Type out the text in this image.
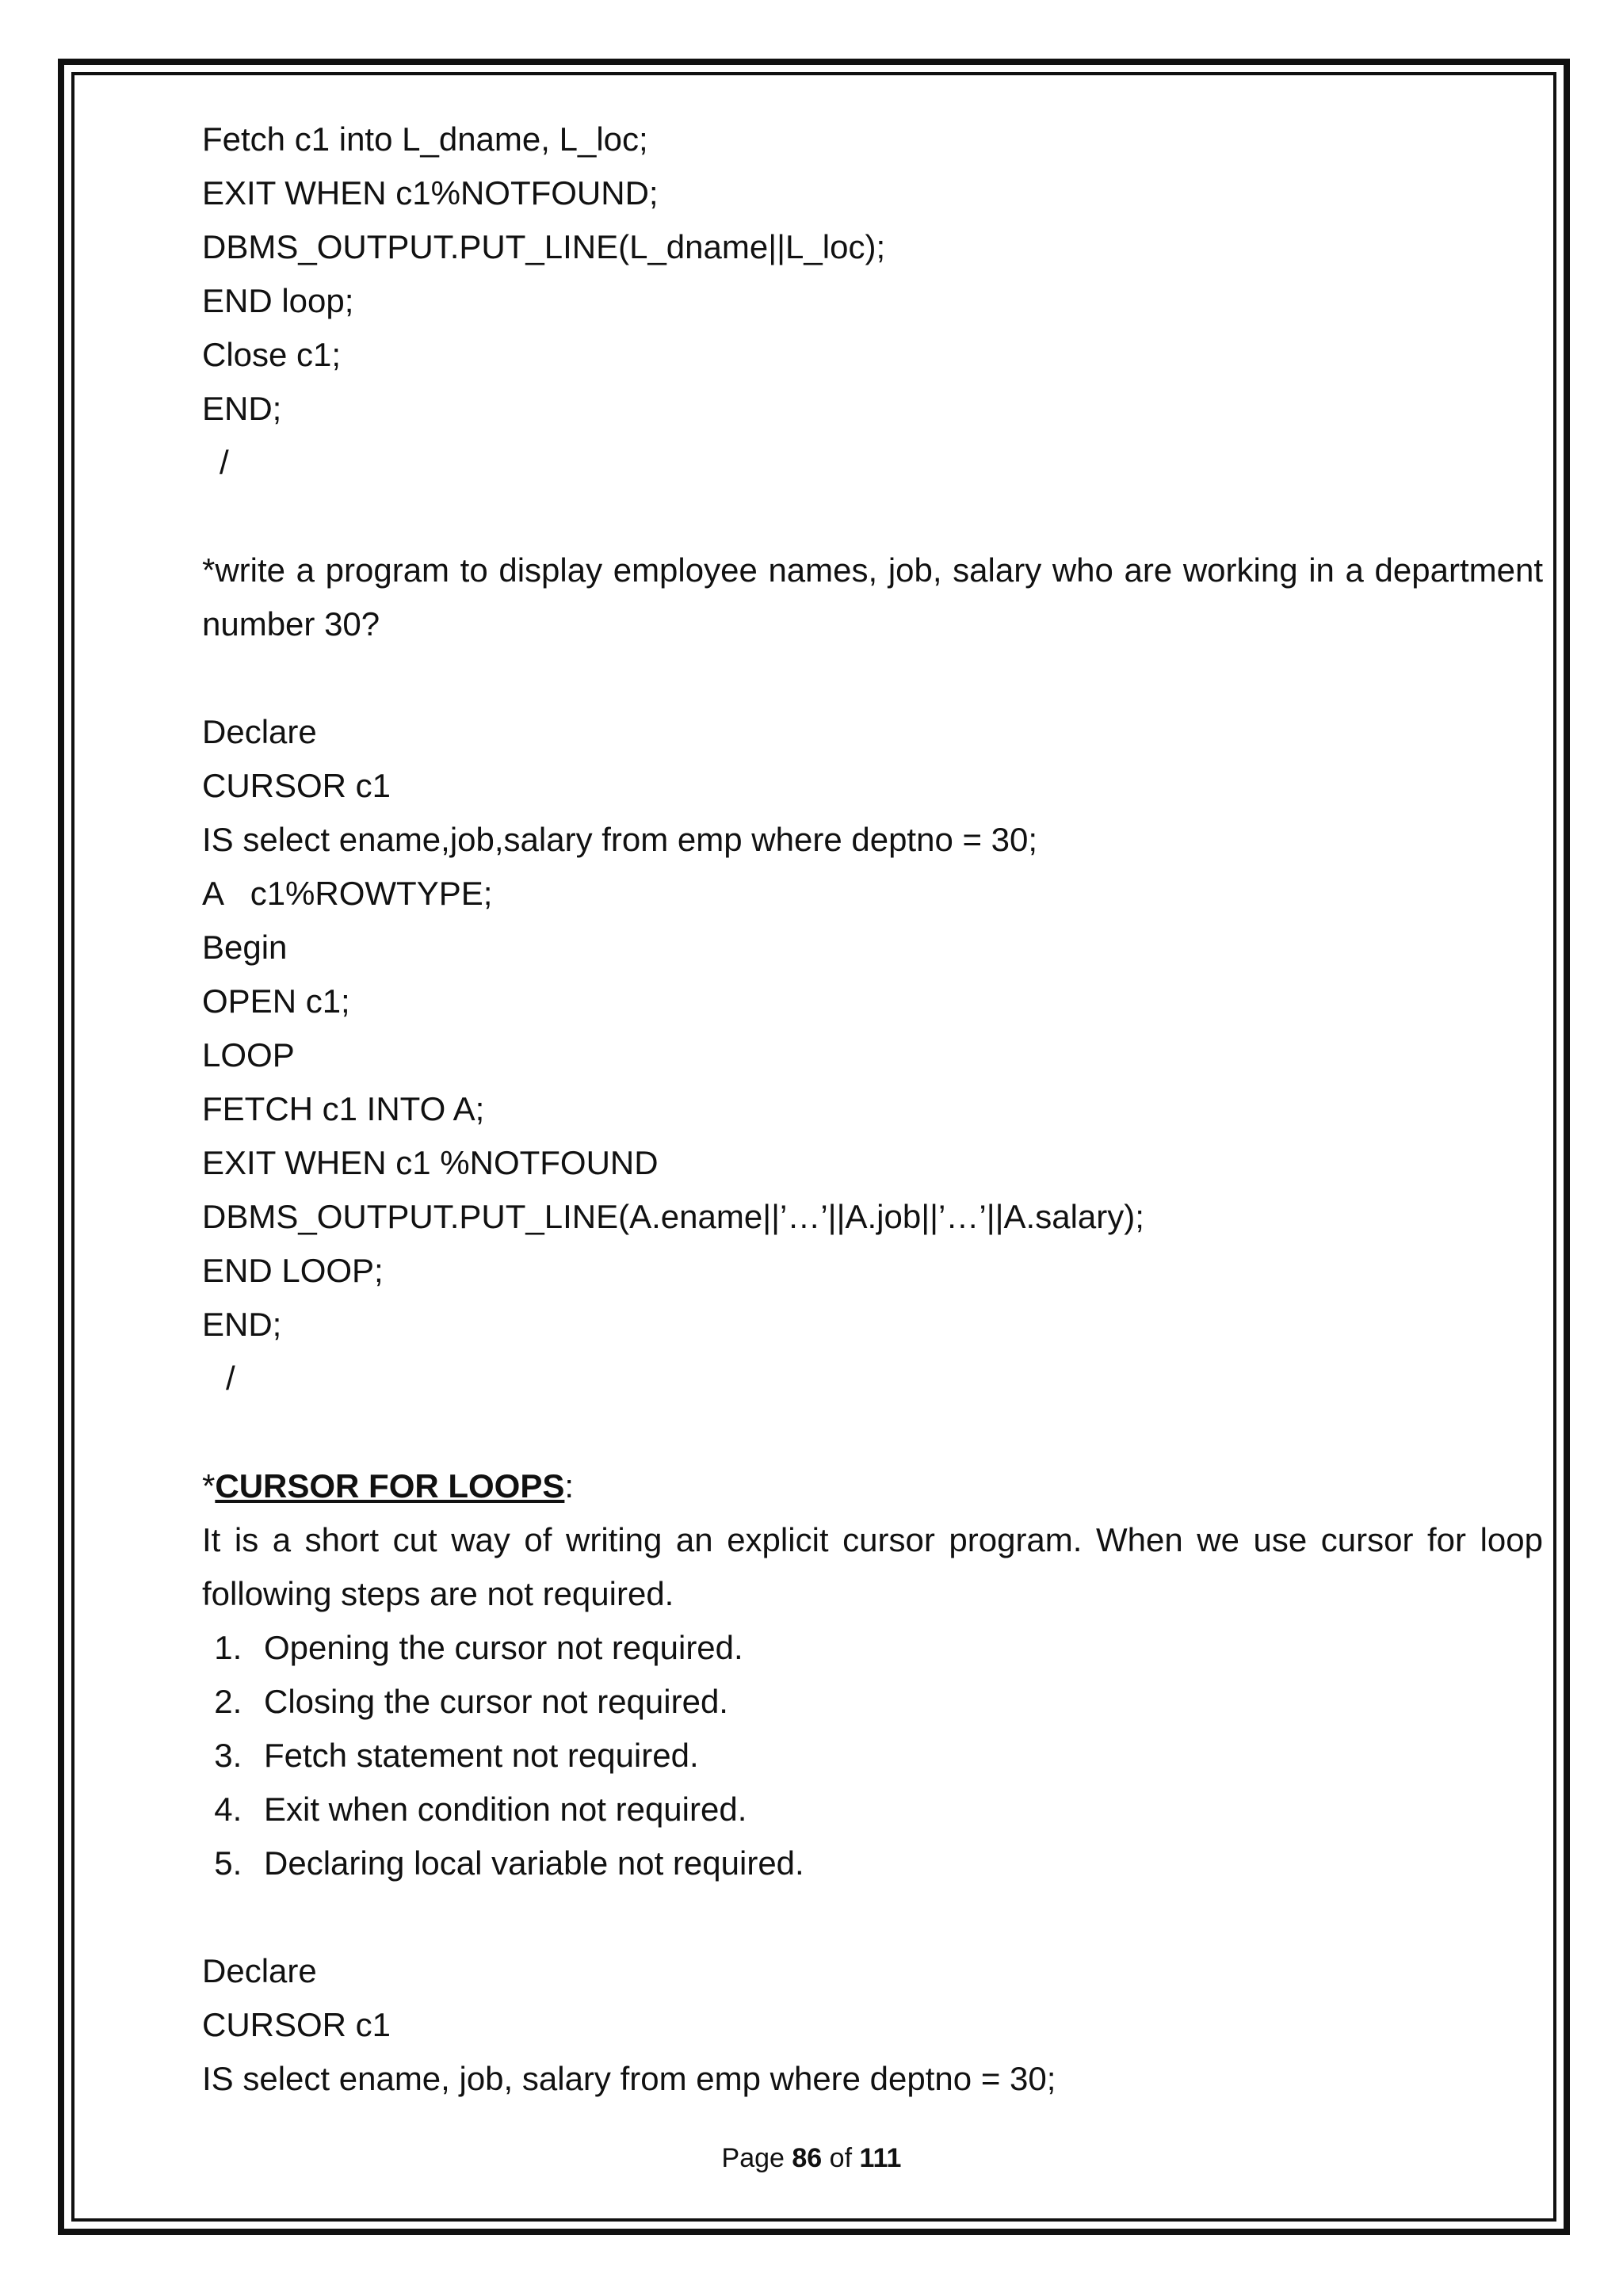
Fetch c1 into L_dname, L_loc;
EXIT WHEN c1%NOTFOUND;
DBMS_OUTPUT.PUT_LINE(L_dname||L_loc);
END loop;
Close c1;
END;
/
*write a program to display employee names, job, salary who are working in a department number 30?
Declare
CURSOR c1
IS select ename,job,salary from emp where deptno = 30;
A   c1%ROWTYPE;
Begin
OPEN c1;
LOOP
FETCH c1 INTO A;
EXIT WHEN c1 %NOTFOUND
DBMS_OUTPUT.PUT_LINE(A.ename||’…’||A.job||’…’||A.salary);
END LOOP;
END;
/
*CURSOR FOR LOOPS:
It is a short cut way of writing an explicit cursor program. When we use cursor for loop following steps are not required.
1. Opening the cursor not required.
2. Closing the cursor not required.
3. Fetch statement not required.
4. Exit when condition not required.
5. Declaring local variable not required.
Declare
CURSOR c1
IS select ename, job, salary from emp where deptno = 30;
Page 86 of 111
